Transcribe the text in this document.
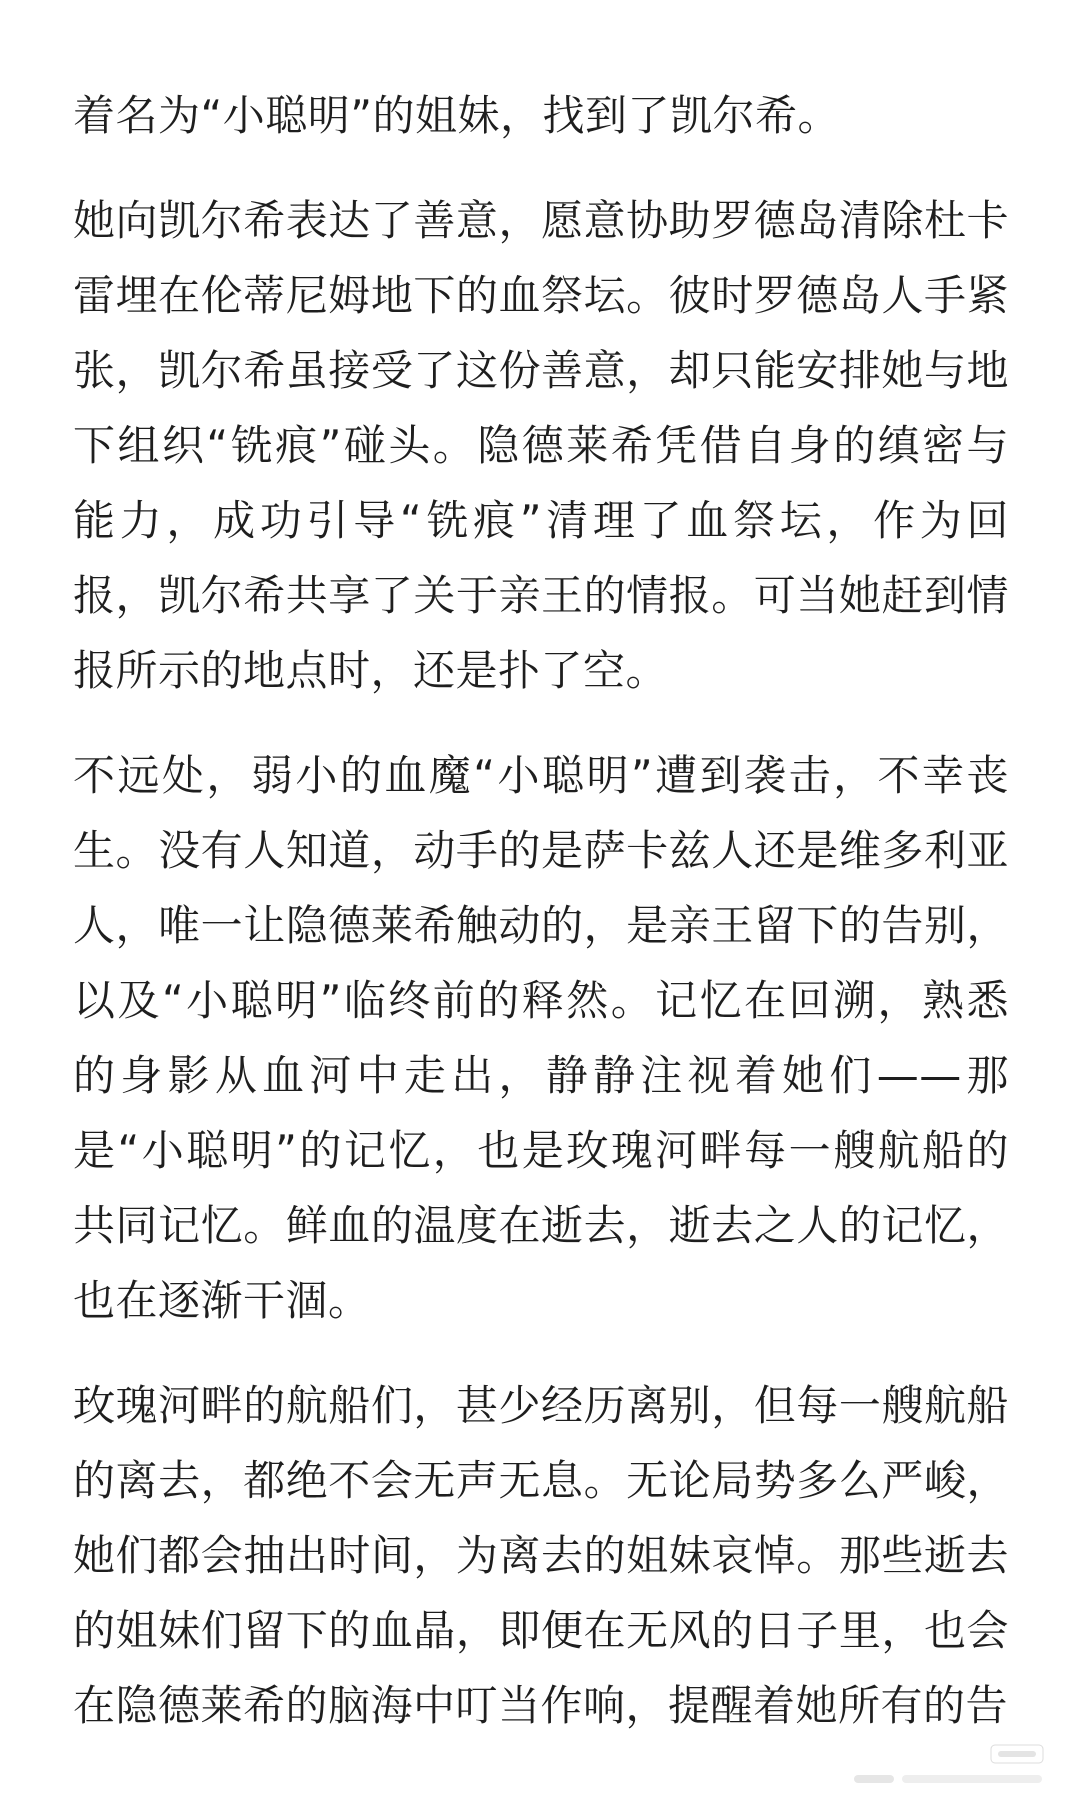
着名为“小聪明”的姐妹，找到了凯尔希。

她向凯尔希表达了善意，愿意协助罗德岛清除杜卡雷埋在伦蒂尼姆地下的血祭坛。彼时罗德岛人手紧张，凯尔希虽接受了这份善意，却只能安排她与地下组织“铣痕”碰头。隐德莱希凭借自身的缜密与能力，成功引导“铣痕”清理了血祭坛，作为回报，凯尔希共享了关于亲王的情报。可当她赶到情报所示的地点时，还是扑了空。

不远处，弱小的血魔“小聪明”遭到袭击，不幸丧生。没有人知道，动手的是萨卡兹人还是维多利亚人，唯一让隐德莱希触动的，是亲王留下的告别，以及“小聪明”临终前的释然。记忆在回溯，熟悉的身影从血河中走出，静静注视着她们——那是“小聪明”的记忆，也是玫瑰河畔每一艘航船的共同记忆。鲜血的温度在逝去，逝去之人的记忆，也在逐渐干涸。

玫瑰河畔的航船们，甚少经历离别，但每一艘航船的离去，都绝不会无声无息。无论局势多么严峻，她们都会抽出时间，为离去的姐妹哀悼。那些逝去的姐妹们留下的血晶，即便在无风的日子里，也会在隐德莱希的脑海中叮当作响，提醒着她所有的告
